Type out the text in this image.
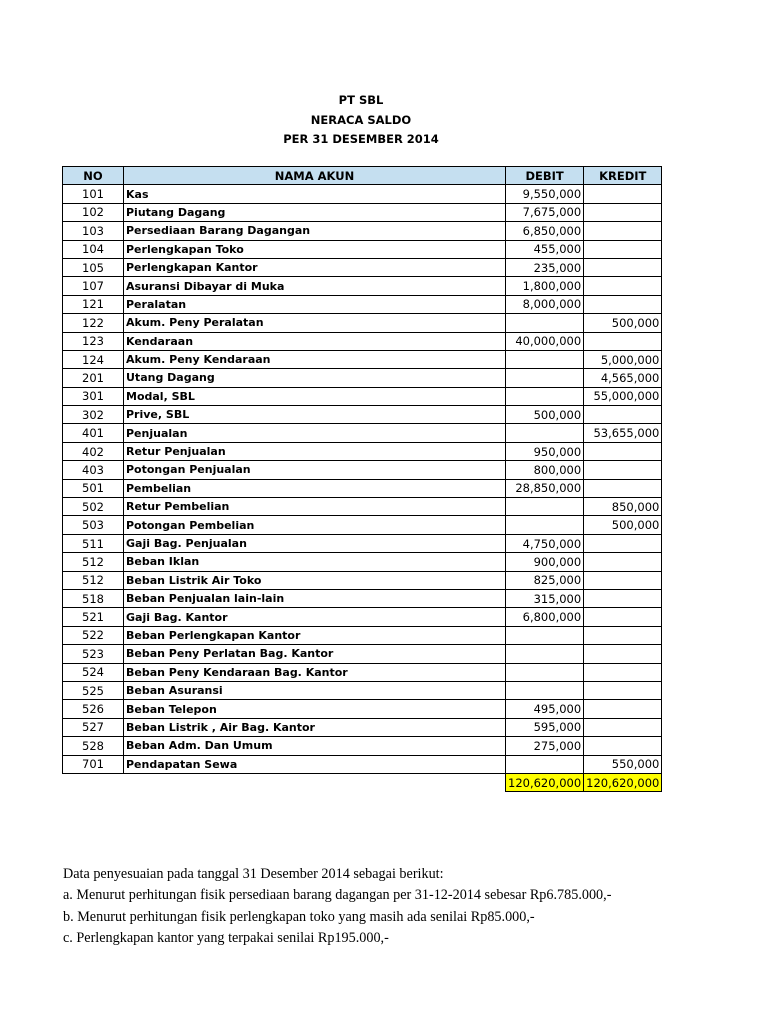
PT SBL
NERACA SALDO
PER 31 DESEMBER 2014
NO	NAMA AKUN	DEBIT	KREDIT
101	Kas	9,550,000	
102	Piutang Dagang	7,675,000	
103	Persediaan Barang Dagangan	6,850,000	
104	Perlengkapan Toko	455,000	
105	Perlengkapan Kantor	235,000	
107	Asuransi Dibayar di Muka	1,800,000	
121	Peralatan	8,000,000	
122	Akum. Peny Peralatan		500,000
123	Kendaraan	40,000,000	
124	Akum. Peny Kendaraan		5,000,000
201	Utang Dagang		4,565,000
301	Modal, SBL		55,000,000
302	Prive, SBL	500,000	
401	Penjualan		53,655,000
402	Retur Penjualan	950,000	
403	Potongan Penjualan	800,000	
501	Pembelian	28,850,000	
502	Retur Pembelian		850,000
503	Potongan Pembelian		500,000
511	Gaji Bag. Penjualan	4,750,000	
512	Beban Iklan	900,000	
512	Beban Listrik Air Toko	825,000	
518	Beban Penjualan lain-lain	315,000	
521	Gaji Bag. Kantor	6,800,000	
522	Beban Perlengkapan Kantor		
523	Beban Peny Perlatan Bag. Kantor		
524	Beban Peny Kendaraan Bag. Kantor		
525	Beban Asuransi		
526	Beban Telepon	495,000	
527	Beban Listrik , Air Bag. Kantor	595,000	
528	Beban Adm. Dan Umum	275,000	
701	Pendapatan Sewa		550,000
		120,620,000	120,620,000
Data penyesuaian pada tanggal 31 Desember 2014 sebagai berikut:
a. Menurut perhitungan fisik persediaan barang dagangan per 31-12-2014 sebesar Rp6.785.000,-
b. Menurut perhitungan fisik perlengkapan toko yang masih ada senilai Rp85.000,-
c. Perlengkapan kantor yang terpakai senilai Rp195.000,-
